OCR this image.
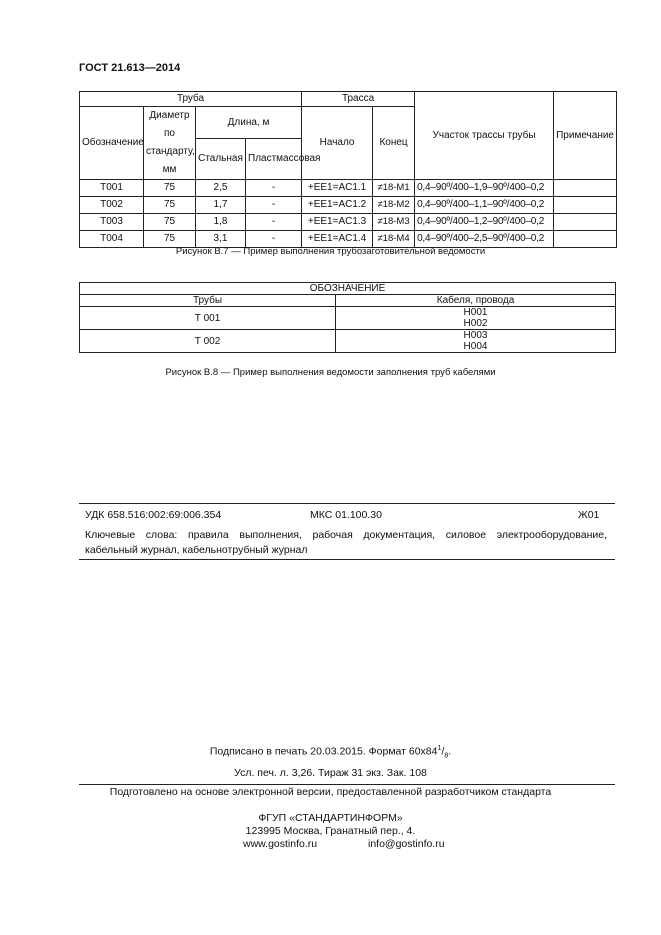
ГОСТ 21.613—2014
Труба				Трасса		Участок трассы трубы	Примечание
Обозначение	Диаметр по стандарту, мм	Длина, м		Начало	Конец		
		Стальная	Пластмассовая				
Т001	75	2,5	-	+EE1=AC1.1	≠18-M1	0,4–90º/400–1,9–90º/400–0,2	
Т002	75	1,7	-	+EE1=AC1.2	≠18-M2	0,4–90º/400–1,1–90º/400–0,2	
Т003	75	1,8	-	+EE1=AC1.3	≠18-M3	0,4–90º/400–1,2–90º/400–0,2	
Т004	75	3,1	-	+EE1=AC1.4	≠18-M4	0,4–90º/400–2,5–90º/400–0,2	
Рисунок В.7 — Пример выполнения трубозаготовительной ведомости
ОБОЗНАЧЕНИЕ	
Трубы	Кабеля, провода
Т 001	Н001
Н002
Т 002	Н003
Н004
Рисунок В.8 — Пример выполнения ведомости заполнения труб кабелями
УДК 658.516:002:69:006.354	МКС 01.100.30	Ж01
Ключевые слова: правила выполнения, рабочая документация, силовое электрооборудование, кабельный журнал, кабельнотрубный журнал
Подписано в печать 20.03.2015. Формат $60x84^1/_8$.
Усл. печ. л. 3,26. Тираж 31 экз. Зак. 108
Подготовлено на основе электронной версии, предоставленной разработчиком стандарта
ФГУП «СТАНДАРТИНФОРМ»
123995 Москва, Гранатный пер., 4.
www.gostinfo.ru	info@gostinfo.ru
